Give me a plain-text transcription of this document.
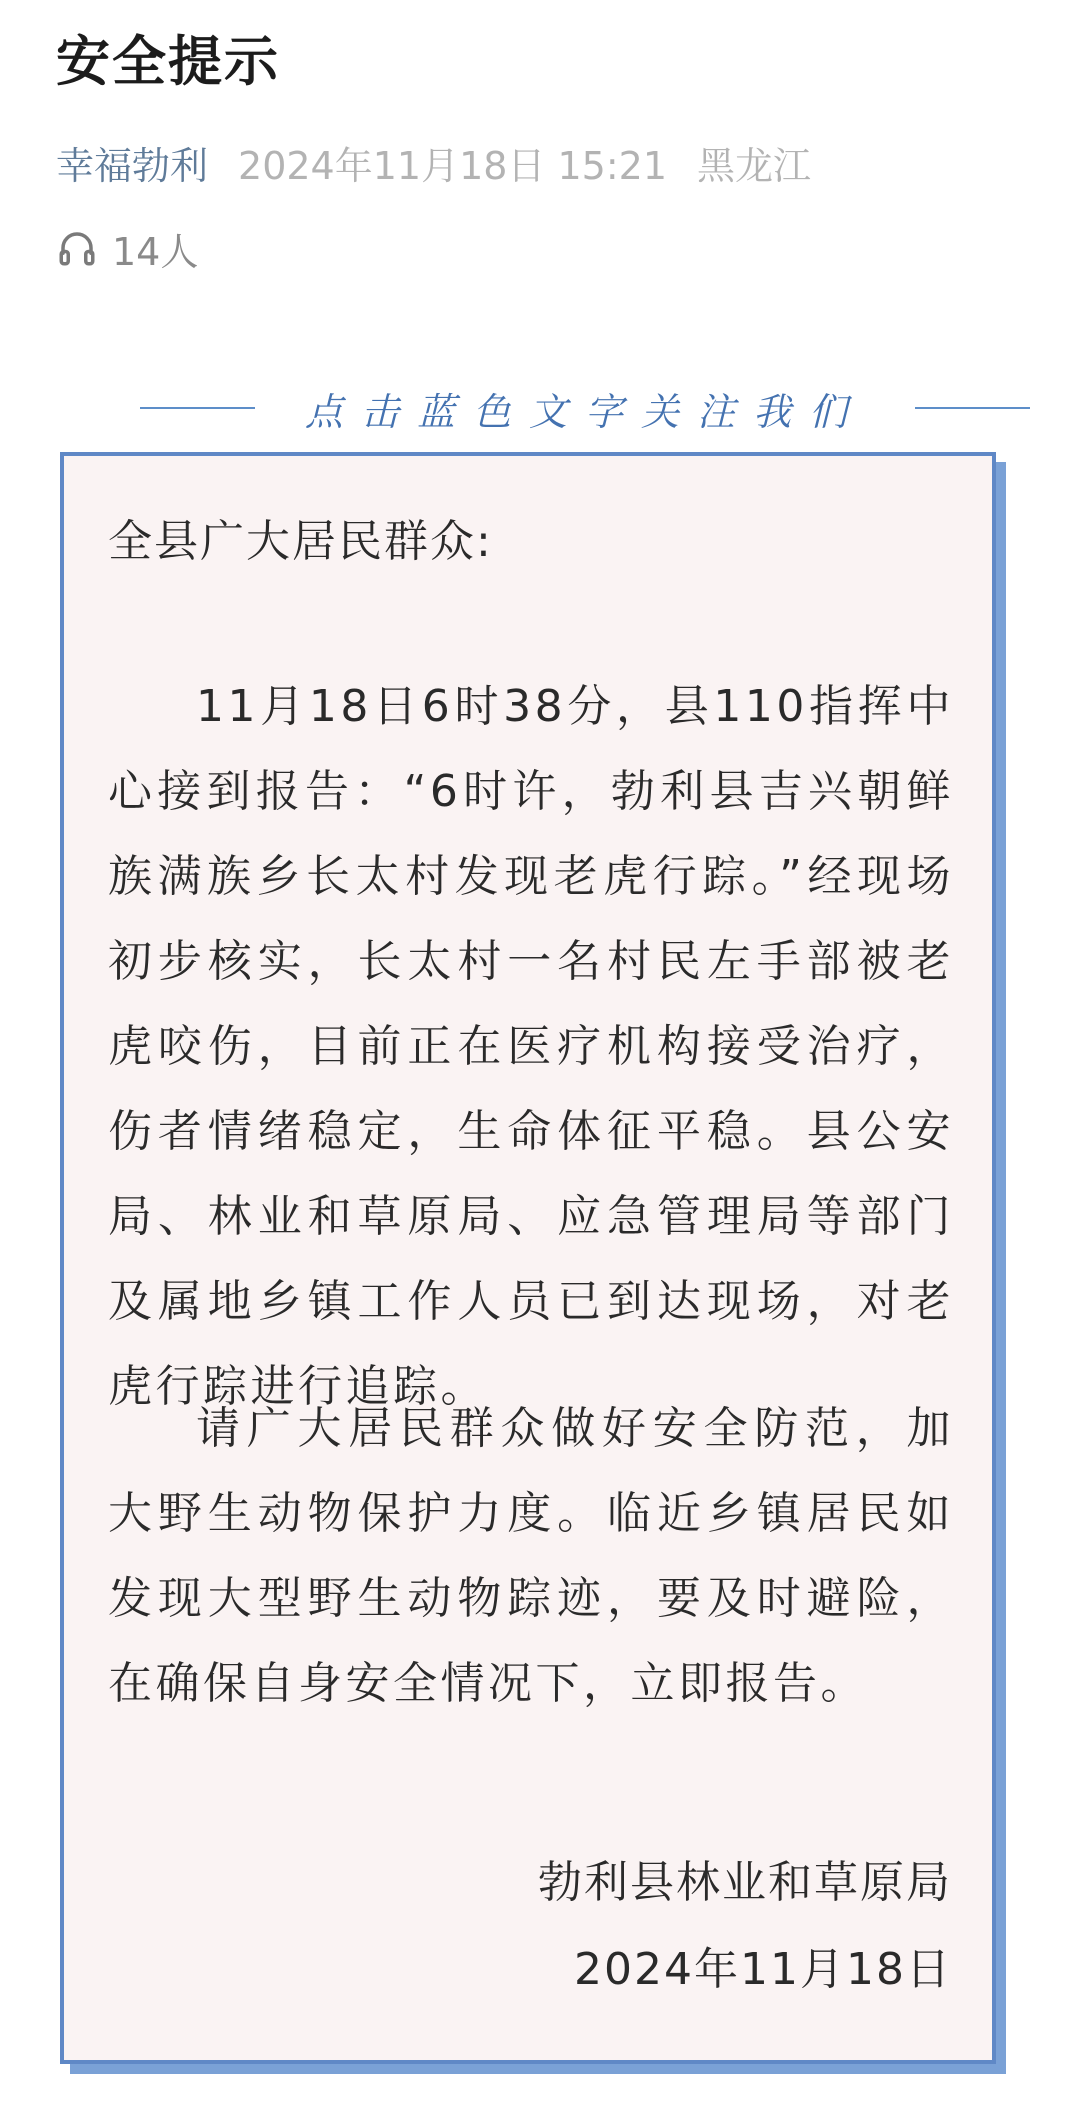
安全提示
幸福勃利 2024年11月18日 15:21 黑龙江
14人
点击蓝色文字关注我们
全县广大居民群众:

11月18日6时38分，县110指挥中心接到报告：“6时许，勃利县吉兴朝鲜族满族乡长太村发现老虎行踪。”经现场初步核实，长太村一名村民左手部被老虎咬伤，目前正在医疗机构接受治疗，伤者情绪稳定，生命体征平稳。县公安局、林业和草原局、应急管理局等部门及属地乡镇工作人员已到达现场，对老虎行踪进行追踪。

请广大居民群众做好安全防范，加大野生动物保护力度。临近乡镇居民如发现大型野生动物踪迹，要及时避险，在确保自身安全情况下，立即报告。

勃利县林业和草原局
2024年11月18日
